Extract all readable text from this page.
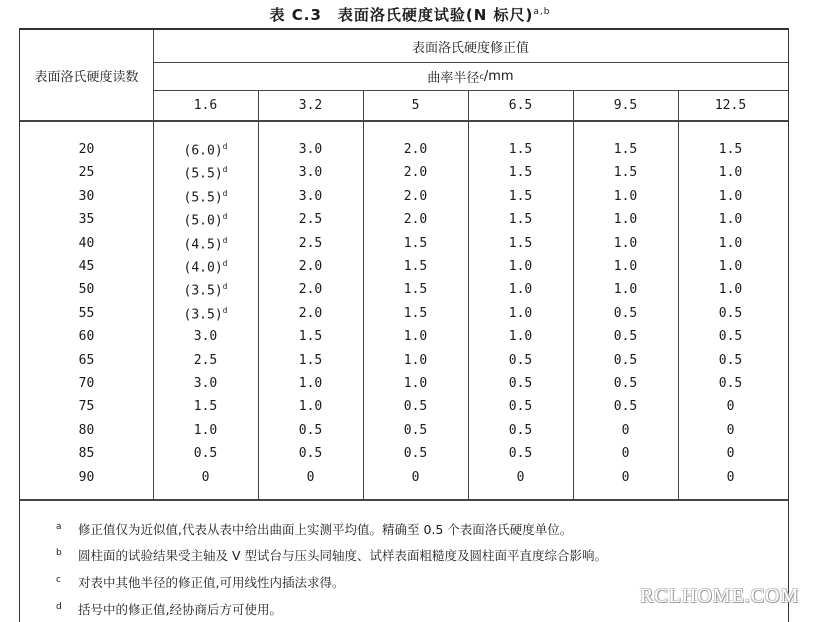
表 C.3　表面洛氏硬度试验(N 标尺)$^{a,b}$
表面洛氏硬度读数
表面洛氏硬度修正值
曲率半径 c /mm
1.6	3.2	5	6.5	9.5	12.5
20	$(6.0)^d$	3.0	2.0	1.5	1.5	1.5
25	$(5.5)^d$	3.0	2.0	1.5	1.5	1.0
30	$(5.5)^d$	3.0	2.0	1.5	1.0	1.0
35	$(5.0)^d$	2.5	2.0	1.5	1.0	1.0
40	$(4.5)^d$	2.5	1.5	1.5	1.0	1.0
45	$(4.0)^d$	2.0	1.5	1.0	1.0	1.0
50	$(3.5)^d$	2.0	1.5	1.0	1.0	1.0
55	$(3.5)^d$	2.0	1.5	1.0	0.5	0.5
60	3.0	1.5	1.0	1.0	0.5	0.5
65	2.5	1.5	1.0	0.5	0.5	0.5
70	3.0	1.0	1.0	0.5	0.5	0.5
75	1.5	1.0	0.5	0.5	0.5	0
80	1.0	0.5	0.5	0.5	0	0
85	0.5	0.5	0.5	0.5	0	0
90	0	0	0	0	0	0
a 修正值仅为近似值,代表从表中给出曲面上实测平均值。精确至 0.5 个表面洛氏硬度单位。
b 圆柱面的试验结果受主轴及 V 型试台与压头同轴度、试样表面粗糙度及圆柱面平直度综合影响。
c 对表中其他半径的修正值,可用线性内插法求得。
d 括号中的修正值,经协商后方可使用。
RCLHOME.COM
